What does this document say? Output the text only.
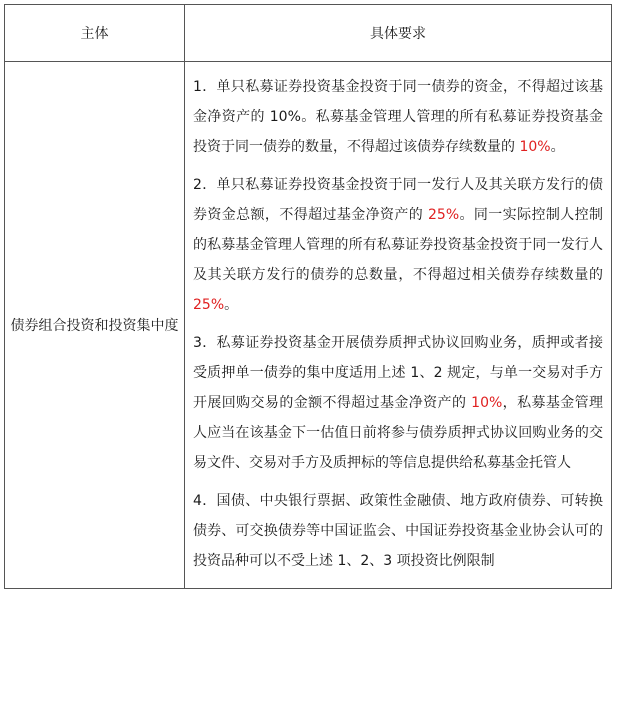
主体	具体要求
债券组合投资和投资集中度	1．单只私募证券投资基金投资于同一债券的资金，不得超过该基金净资产的 10%。私募基金管理人管理的所有私募证券投资基金投资于同一债券的数量，不得超过该债券存续数量的 10%。

2．单只私募证券投资基金投资于同一发行人及其关联方发行的债券资金总额，不得超过基金净资产的 25%。同一实际控制人控制的私募基金管理人管理的所有私募证券投资基金投资于同一发行人及其关联方发行的债券的总数量，不得超过相关债券存续数量的 25%。

3．私募证券投资基金开展债券质押式协议回购业务，质押或者接受质押单一债券的集中度适用上述 1、2 规定，与单一交易对手方开展回购交易的金额不得超过基金净资产的 10%，私募基金管理人应当在该基金下一估值日前将参与债券质押式协议回购业务的交易文件、交易对手方及质押标的等信息提供给私募基金托管人

4．国债、中央银行票据、政策性金融债、地方政府债券、可转换债券、可交换债券等中国证监会、中国证券投资基金业协会认可的投资品种可以不受上述 1、2、3 项投资比例限制
